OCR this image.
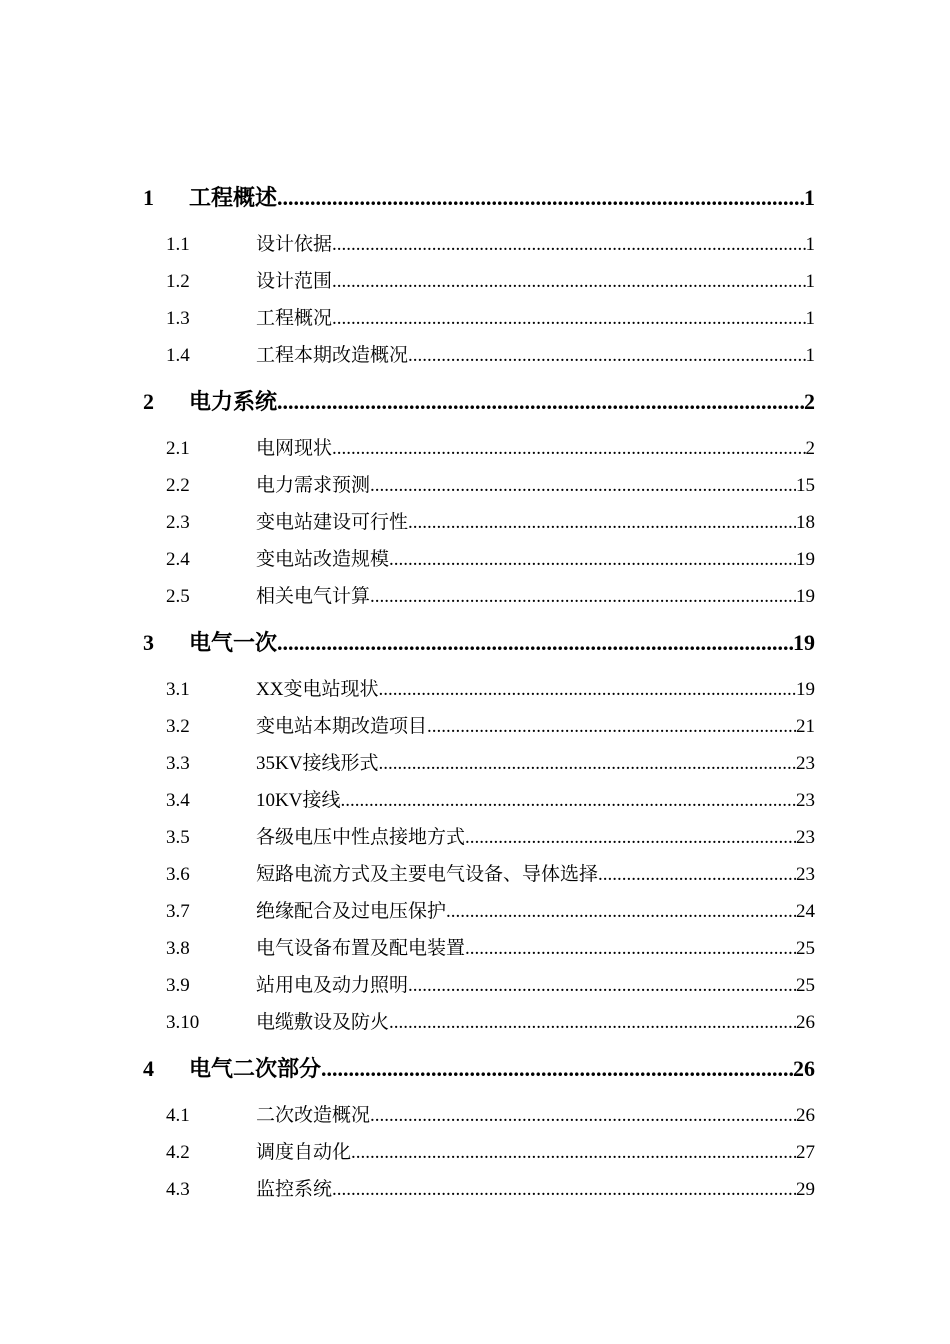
1	工程概述 .....	1
1.1	设计依据 .....	1
1.2	设计范围 .....	1
1.3	工程概况 .....	1
1.4	工程本期改造概况 .....	1
2	电力系统 .....	2
2.1	电网现状 .....	2
2.2	电力需求预测 .....	15
2.3	变电站建设可行性 .....	18
2.4	变电站改造规模 .....	19
2.5	相关电气计算 .....	19
3	电气一次 .....	19
3.1	XX变电站现状 .....	19
3.2	变电站本期改造项目 .....	21
3.3	35KV接线形式 .....	23
3.4	10KV接线 .....	23
3.5	各级电压中性点接地方式 .....	23
3.6	短路电流方式及主要电气设备、导体选择 .....	23
3.7	绝缘配合及过电压保护 .....	24
3.8	电气设备布置及配电装置 .....	25
3.9	站用电及动力照明 .....	25
3.10	电缆敷设及防火 .....	26
4	电气二次部分 .....	26
4.1	二次改造概况 .....	26
4.2	调度自动化 .....	27
4.3	监控系统 .....	29
